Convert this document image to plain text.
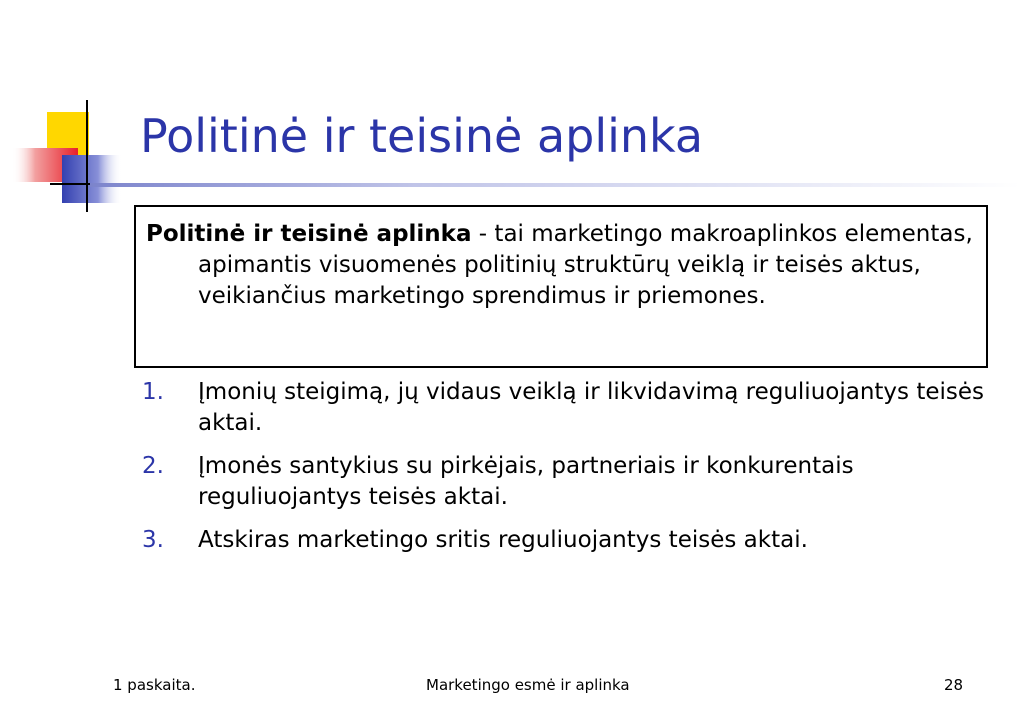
Politinė ir teisinė aplinka

Politinė ir teisinė aplinka - tai marketingo makroaplinkos elementas, apimantis visuomenės politinių struktūrų veiklą ir teisės aktus, veikiančius marketingo sprendimus ir priemones.

1. Įmonių steigimą, jų vidaus veiklą ir likvidavimą reguliuojantys teisės aktai.
2. Įmonės santykius su pirkėjais, partneriais ir konkurentais reguliuojantys teisės aktai.
3. Atskiras marketingo sritis reguliuojantys teisės aktai.
1 paskaita.	Marketingo esmė ir aplinka	28
